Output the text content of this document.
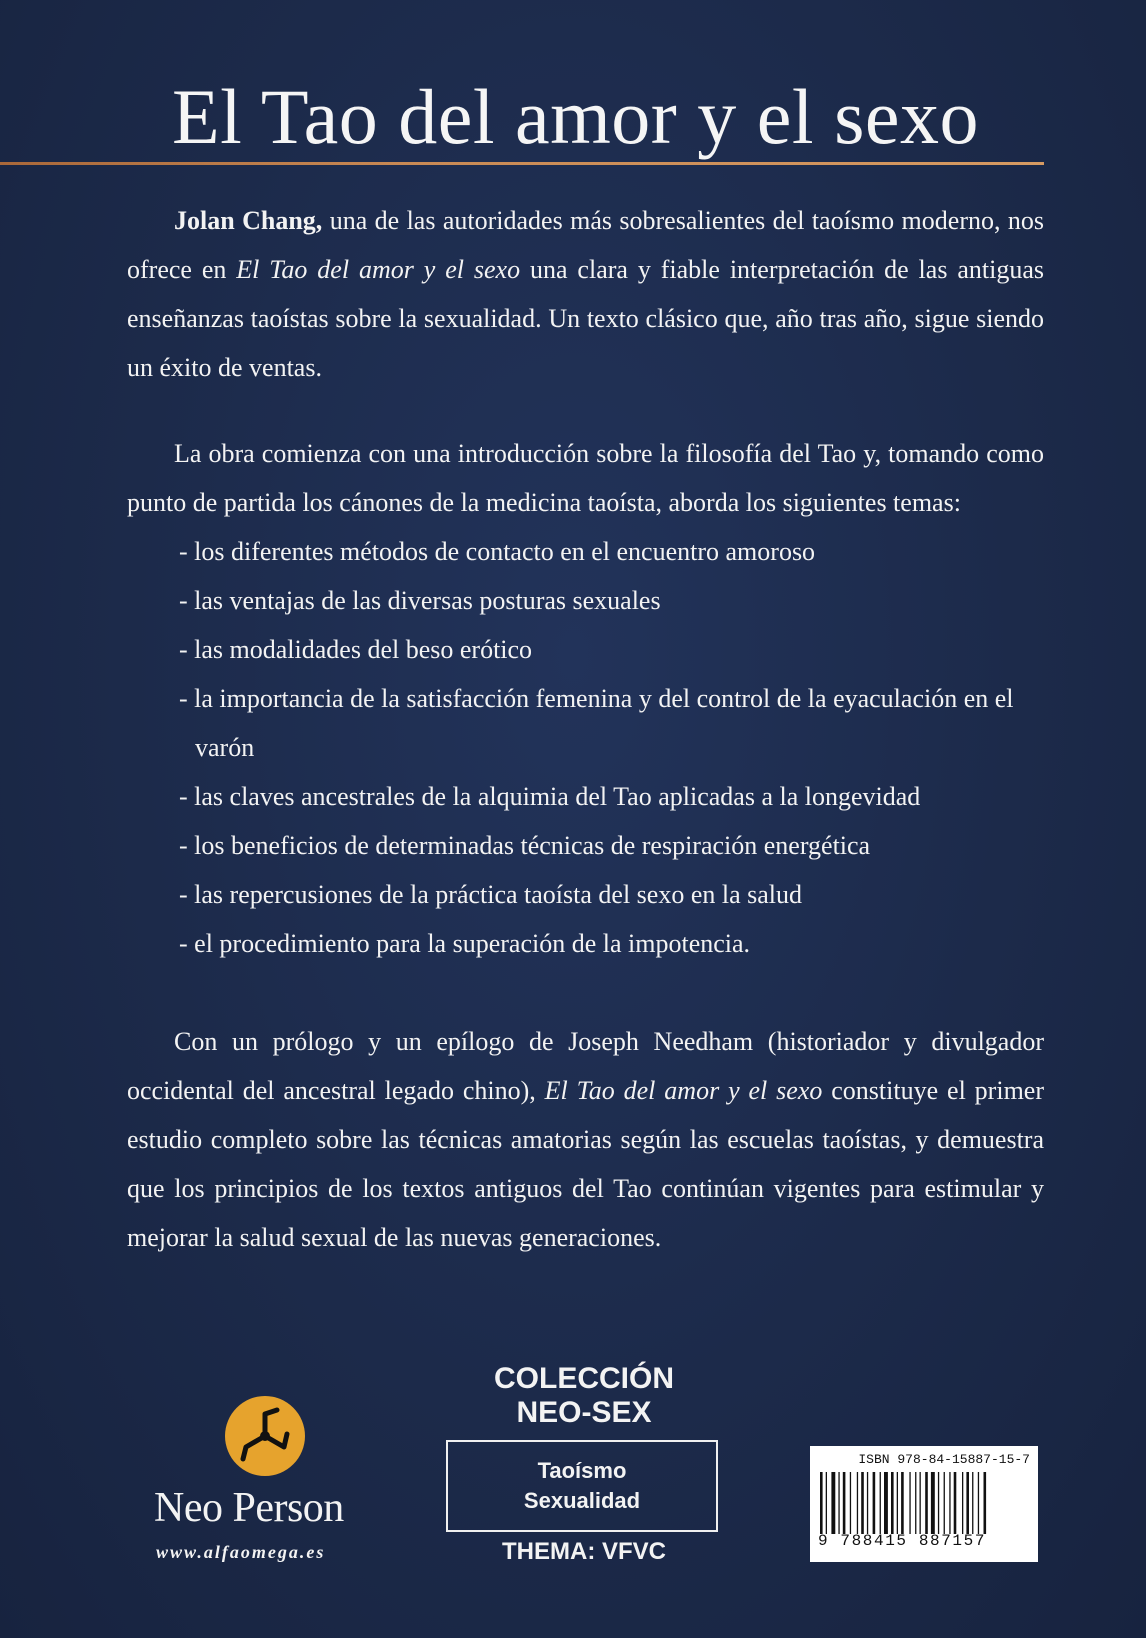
El Tao del amor y el sexo

Jolan Chang, una de las autoridades más sobresalientes del taoísmo moderno, nos ofrece en El Tao del amor y el sexo una clara y fiable interpretación de las antiguas enseñanzas taoístas sobre la sexualidad. Un texto clásico que, año tras año, sigue siendo un éxito de ventas.

La obra comienza con una introducción sobre la filosofía del Tao y, tomando como punto de partida los cánones de la medicina taoísta, aborda los siguientes temas:

- los diferentes métodos de contacto en el encuentro amoroso
- las ventajas de las diversas posturas sexuales
- las modalidades del beso erótico
- la importancia de la satisfacción femenina y del control de la eyaculación en el varón
- las claves ancestrales de la alquimia del Tao aplicadas a la longevidad
- los beneficios de determinadas técnicas de respiración energética
- las repercusiones de la práctica taoísta del sexo en la salud
- el procedimiento para la superación de la impotencia.

Con un prólogo y un epílogo de Joseph Needham (historiador y divulgador occidental del ancestral legado chino), El Tao del amor y el sexo constituye el primer estudio completo sobre las técnicas amatorias según las escuelas taoístas, y demuestra que los principios de los textos antiguos del Tao continúan vigentes para estimular y mejorar la salud sexual de las nuevas generaciones.

Neo Person
www.alfaomega.es
COLECCIÓN
NEO-SEX
Taoísmo
Sexualidad
THEMA: VFVC
ISBN 978-84-15887-15-7
9 788415 887157
